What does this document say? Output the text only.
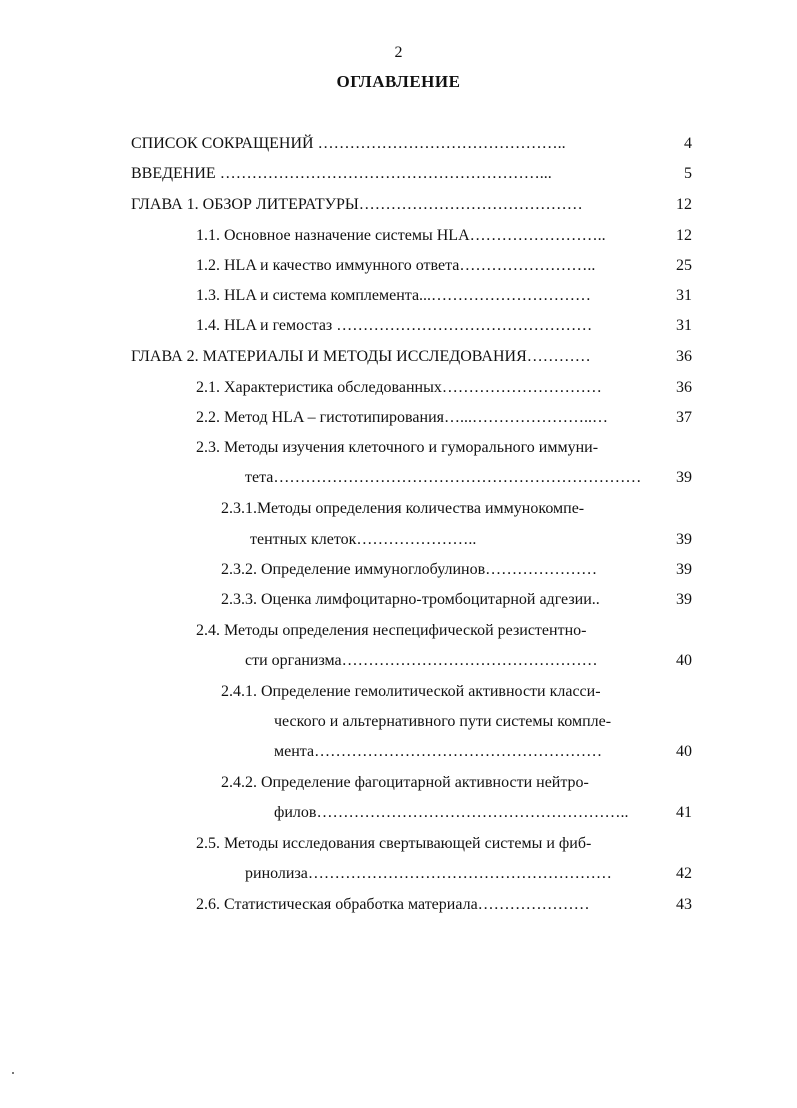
2
ОГЛАВЛЕНИЕ
СПИСОК СОКРАЩЕНИЙ ………………………………………..	4
ВВЕДЕНИЕ ……………………………………………………...	5
ГЛАВА 1. ОБЗОР ЛИТЕРАТУРЫ……………………………………	12
1.1. Основное назначение системы HLA……………………..	12
1.2. HLA и качество иммунного ответа……………………..	25
1.3. HLA и система комплемента...…………………………	31
1.4. HLA и гемостаз …………………………………………	31
ГЛАВА 2. МАТЕРИАЛЫ И МЕТОДЫ ИССЛЕДОВАНИЯ…………	36
2.1. Характеристика обследованных…………………………	36
2.2. Метод HLA – гистотипирования…...…………………..…	37
2.3. Методы изучения клеточного и гуморального иммуни-
тета……………………………………………………………	39
2.3.1.Методы определения количества иммунокомпе-
тентных клеток…………………..	39
2.3.2. Определение иммуноглобулинов…………………	39
2.3.3. Оценка лимфоцитарно-тромбоцитарной адгезии..	39
2.4. Методы определения неспецифической резистентно-
сти организма…………………………………………	40
2.4.1. Определение гемолитической активности класси-
ческого и альтернативного пути системы компле-
мента………………………………………………	40
2.4.2. Определение фагоцитарной активности нейтро-
филов…………………………………………………..	41
2.5. Методы исследования свертывающей системы и фиб-
ринолиза…………………………………………………	42
2.6. Статистическая обработка материала…………………	43
